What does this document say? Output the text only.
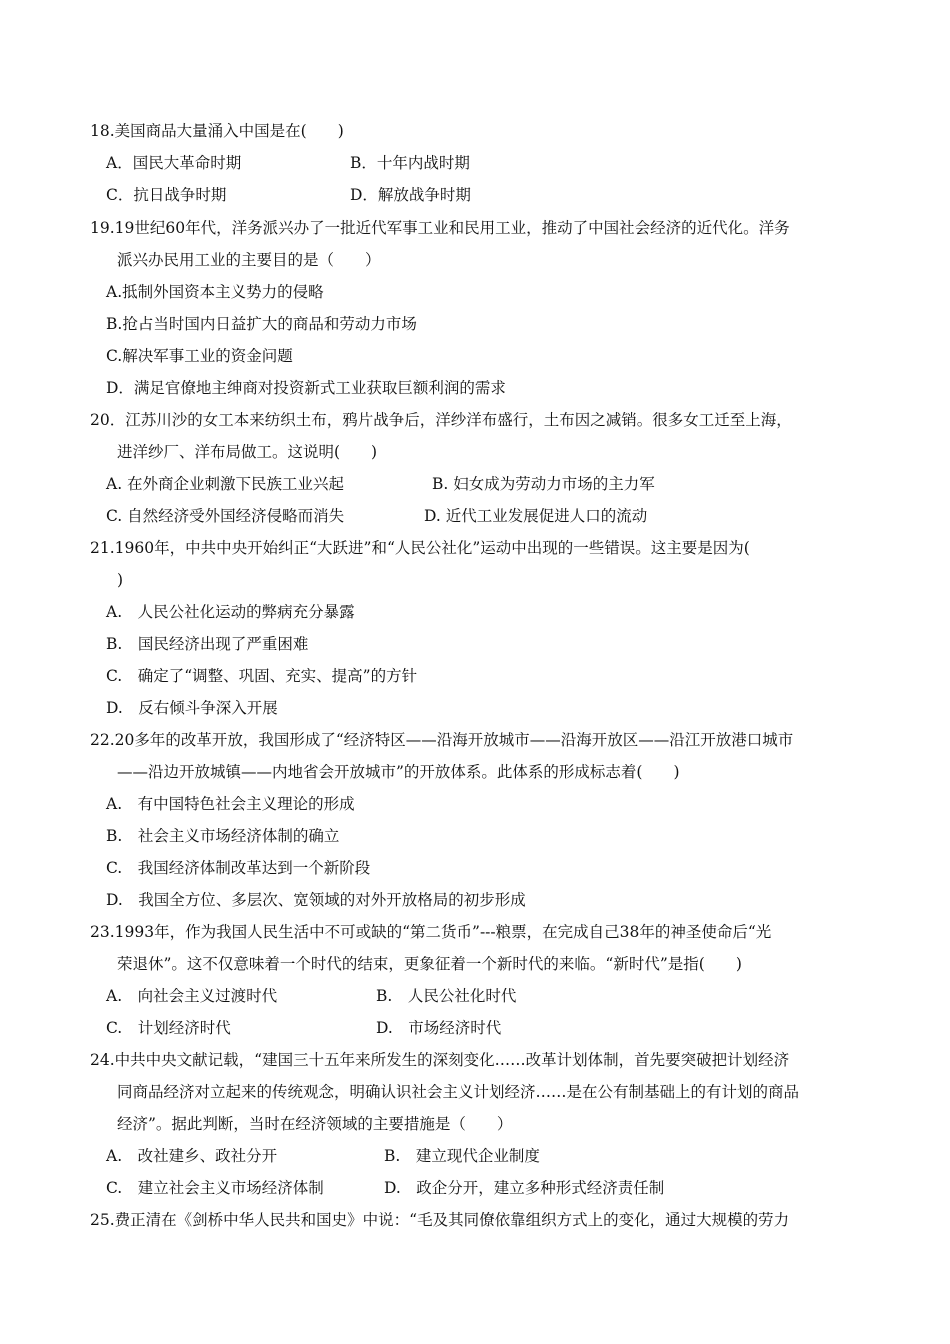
18.美国商品大量涌入中国是在(　　)
A．国民大革命时期	B．十年内战时期
C．抗日战争时期	D．解放战争时期
19.19世纪60年代，洋务派兴办了一批近代军事工业和民用工业，推动了中国社会经济的近代化。洋务
派兴办民用工业的主要目的是（　　）
A.抵制外国资本主义势力的侵略
B.抢占当时国内日益扩大的商品和劳动力市场
C.解决军事工业的资金问题
D．满足官僚地主绅商对投资新式工业获取巨额利润的需求
20．江苏川沙的女工本来纺织土布，鸦片战争后，洋纱洋布盛行，土布因之减销。很多女工迁至上海，
进洋纱厂、洋布局做工。这说明(　　)
A. 在外商企业刺激下民族工业兴起	B. 妇女成为劳动力市场的主力军
C. 自然经济受外国经济侵略而消失	D. 近代工业发展促进人口的流动
21.1960年，中共中央开始纠正“大跃进”和“人民公社化”运动中出现的一些错误。这主要是因为(
)
A.　人民公社化运动的弊病充分暴露
B.　国民经济出现了严重困难
C.　确定了“调整、巩固、充实、提高”的方针
D.　反右倾斗争深入开展
22.20多年的改革开放，我国形成了“经济特区——沿海开放城市——沿海开放区——沿江开放港口城市
——沿边开放城镇——内地省会开放城市”的开放体系。此体系的形成标志着(　　)
A.　有中国特色社会主义理论的形成
B.　社会主义市场经济体制的确立
C.　我国经济体制改革达到一个新阶段
D.　我国全方位、多层次、宽领域的对外开放格局的初步形成
23.1993年，作为我国人民生活中不可或缺的“第二货币”---粮票，在完成自己38年的神圣使命后“光
荣退休”。这不仅意味着一个时代的结束，更象征着一个新时代的来临。“新时代”是指(　　)
A.　向社会主义过渡时代	B.　人民公社化时代
C.　计划经济时代	D.　市场经济时代
24.中共中央文献记载，“建国三十五年来所发生的深刻变化……改革计划体制，首先要突破把计划经济
同商品经济对立起来的传统观念，明确认识社会主义计划经济……是在公有制基础上的有计划的商品
经济”。据此判断，当时在经济领域的主要措施是（　　）
A.　改社建乡、政社分开	B.　建立现代企业制度
C.　建立社会主义市场经济体制	D.　政企分开，建立多种形式经济责任制
25.费正清在《剑桥中华人民共和国史》中说：“毛及其同僚依靠组织方式上的变化，通过大规模的劳力
